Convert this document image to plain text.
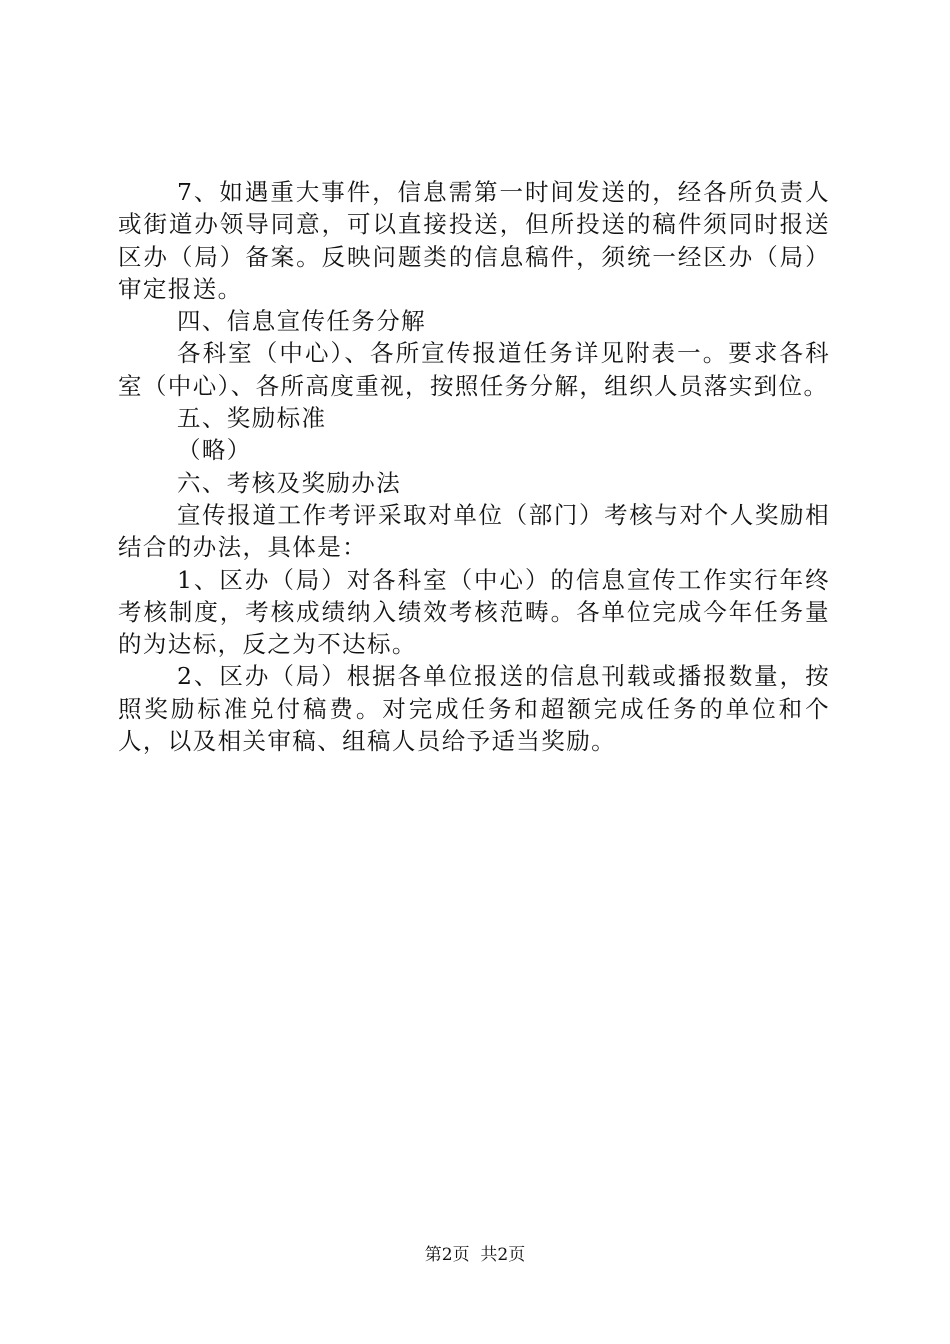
7、如遇重大事件，信息需第一时间发送的，经各所负责人或街道办领导同意，可以直接投送，但所投送的稿件须同时报送区办（局）备案。反映问题类的信息稿件，须统一经区办（局）审定报送。

四、信息宣传任务分解

各科室（中心）、各所宣传报道任务详见附表一。要求各科室（中心）、各所高度重视，按照任务分解，组织人员落实到位。

五、奖励标准

（略）

六、考核及奖励办法

宣传报道工作考评采取对单位（部门）考核与对个人奖励相结合的办法，具体是：

1、区办（局）对各科室（中心）的信息宣传工作实行年终考核制度，考核成绩纳入绩效考核范畴。各单位完成今年任务量的为达标，反之为不达标。

2、区办（局）根据各单位报送的信息刊载或播报数量，按照奖励标准兑付稿费。对完成任务和超额完成任务的单位和个人，以及相关审稿、组稿人员给予适当奖励。

第2页  共2页
